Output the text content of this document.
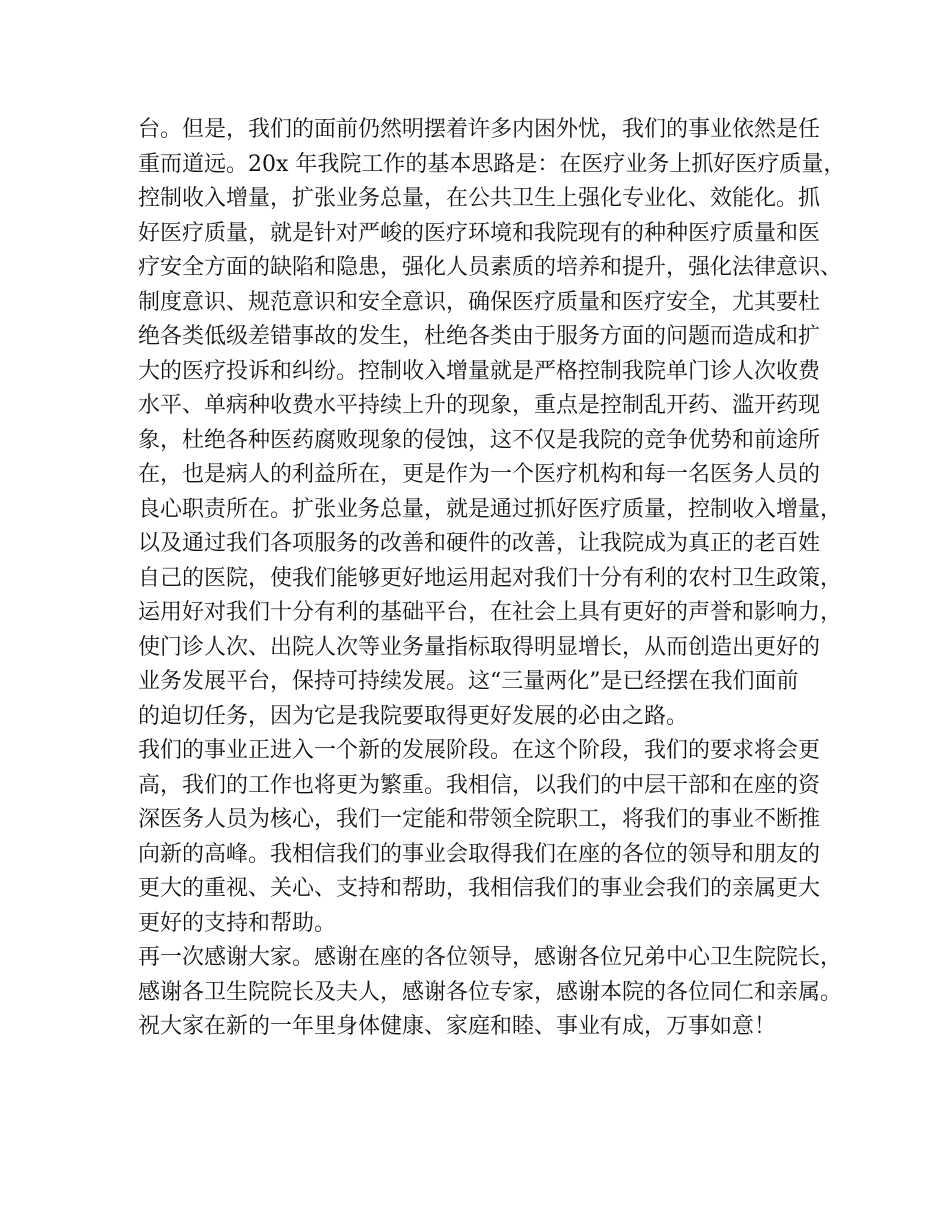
台。但是，我们的面前仍然明摆着许多内困外忧，我们的事业依然是任
重而道远。20x 年我院工作的基本思路是：在医疗业务上抓好医疗质量，
控制收入增量，扩张业务总量，在公共卫生上强化专业化、效能化。抓
好医疗质量，就是针对严峻的医疗环境和我院现有的种种医疗质量和医
疗安全方面的缺陷和隐患，强化人员素质的培养和提升，强化法律意识、
制度意识、规范意识和安全意识，确保医疗质量和医疗安全，尤其要杜
绝各类低级差错事故的发生，杜绝各类由于服务方面的问题而造成和扩
大的医疗投诉和纠纷。控制收入增量就是严格控制我院单门诊人次收费
水平、单病种收费水平持续上升的现象，重点是控制乱开药、滥开药现
象，杜绝各种医药腐败现象的侵蚀，这不仅是我院的竞争优势和前途所
在，也是病人的利益所在，更是作为一个医疗机构和每一名医务人员的
良心职责所在。扩张业务总量，就是通过抓好医疗质量，控制收入增量，
以及通过我们各项服务的改善和硬件的改善，让我院成为真正的老百姓
自己的医院，使我们能够更好地运用起对我们十分有利的农村卫生政策，
运用好对我们十分有利的基础平台，在社会上具有更好的声誉和影响力，
使门诊人次、出院人次等业务量指标取得明显增长，从而创造出更好的
业务发展平台，保持可持续发展。这“三量两化”是已经摆在我们面前
的迫切任务，因为它是我院要取得更好发展的必由之路。
我们的事业正进入一个新的发展阶段。在这个阶段，我们的要求将会更
高，我们的工作也将更为繁重。我相信，以我们的中层干部和在座的资
深医务人员为核心，我们一定能和带领全院职工，将我们的事业不断推
向新的高峰。我相信我们的事业会取得我们在座的各位的领导和朋友的
更大的重视、关心、支持和帮助，我相信我们的事业会我们的亲属更大
更好的支持和帮助。
再一次感谢大家。感谢在座的各位领导，感谢各位兄弟中心卫生院院长，
感谢各卫生院院长及夫人，感谢各位专家，感谢本院的各位同仁和亲属。
祝大家在新的一年里身体健康、家庭和睦、事业有成，万事如意！
